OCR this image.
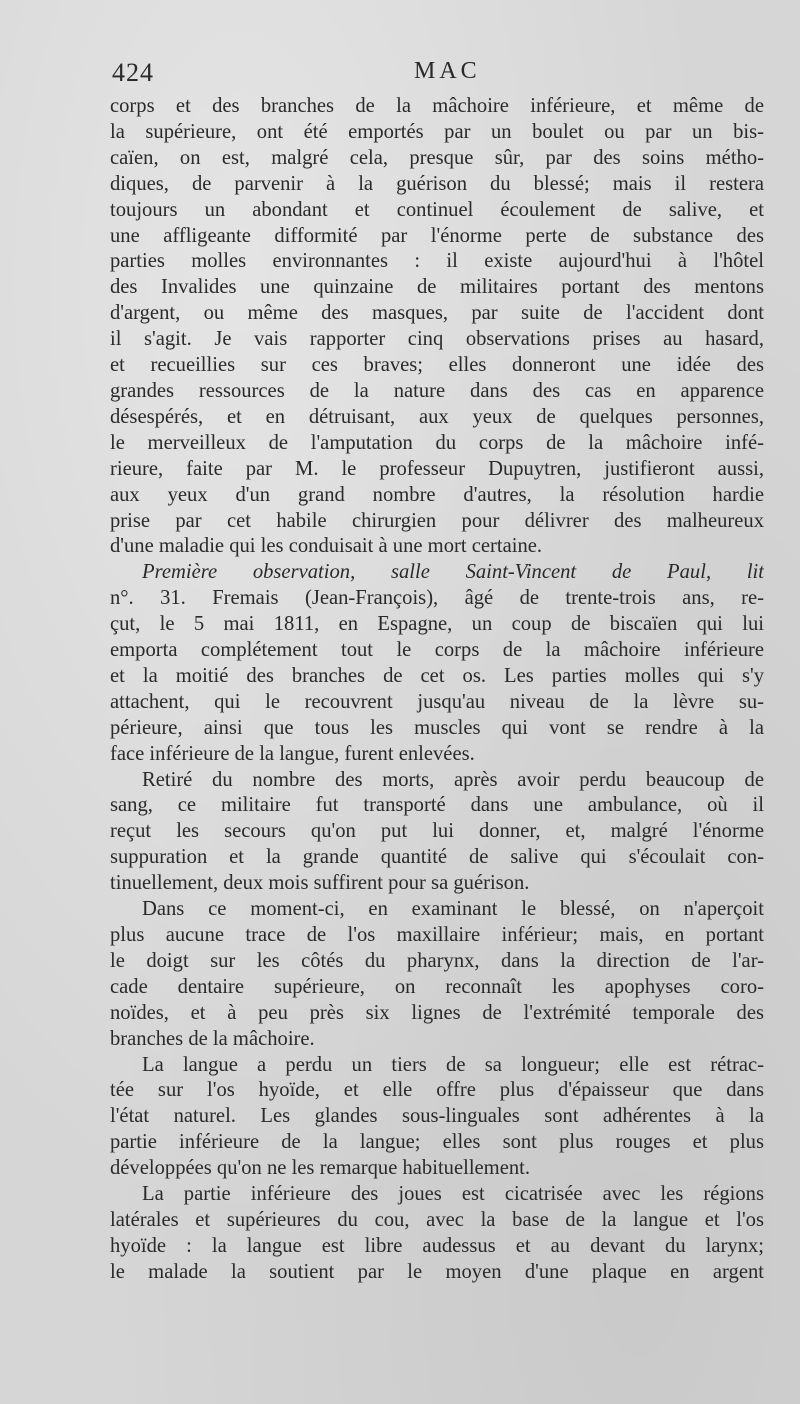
424	MAC
corps et des branches de la mâchoire inférieure, et même de
la supérieure, ont été emportés par un boulet ou par un bis-
caïen, on est, malgré cela, presque sûr, par des soins métho-
diques, de parvenir à la guérison du blessé; mais il restera
toujours un abondant et continuel écoulement de salive, et
une affligeante difformité par l'énorme perte de substance des
parties molles environnantes : il existe aujourd'hui à l'hôtel
des Invalides une quinzaine de militaires portant des mentons
d'argent, ou même des masques, par suite de l'accident dont
il s'agit. Je vais rapporter cinq observations prises au hasard,
et recueillies sur ces braves; elles donneront une idée des
grandes ressources de la nature dans des cas en apparence
désespérés, et en détruisant, aux yeux de quelques personnes,
le merveilleux de l'amputation du corps de la mâchoire infé-
rieure, faite par M. le professeur Dupuytren, justifieront aussi,
aux yeux d'un grand nombre d'autres, la résolution hardie
prise par cet habile chirurgien pour délivrer des malheureux
d'une maladie qui les conduisait à une mort certaine.
Première observation, salle Saint-Vincent de Paul, lit
n°. 31. Fremais (Jean-François), âgé de trente-trois ans, re-
çut, le 5 mai 1811, en Espagne, un coup de biscaïen qui lui
emporta complétement tout le corps de la mâchoire inférieure
et la moitié des branches de cet os. Les parties molles qui s'y
attachent, qui le recouvrent jusqu'au niveau de la lèvre su-
périeure, ainsi que tous les muscles qui vont se rendre à la
face inférieure de la langue, furent enlevées.
Retiré du nombre des morts, après avoir perdu beaucoup de
sang, ce militaire fut transporté dans une ambulance, où il
reçut les secours qu'on put lui donner, et, malgré l'énorme
suppuration et la grande quantité de salive qui s'écoulait con-
tinuellement, deux mois suffirent pour sa guérison.
Dans ce moment-ci, en examinant le blessé, on n'aperçoit
plus aucune trace de l'os maxillaire inférieur; mais, en portant
le doigt sur les côtés du pharynx, dans la direction de l'ar-
cade dentaire supérieure, on reconnaît les apophyses coro-
noïdes, et à peu près six lignes de l'extrémité temporale des
branches de la mâchoire.
La langue a perdu un tiers de sa longueur; elle est rétrac-
tée sur l'os hyoïde, et elle offre plus d'épaisseur que dans
l'état naturel. Les glandes sous-linguales sont adhérentes à la
partie inférieure de la langue; elles sont plus rouges et plus
développées qu'on ne les remarque habituellement.
La partie inférieure des joues est cicatrisée avec les régions
latérales et supérieures du cou, avec la base de la langue et l'os
hyoïde : la langue est libre audessus et au devant du larynx;
le malade la soutient par le moyen d'une plaque en argent
